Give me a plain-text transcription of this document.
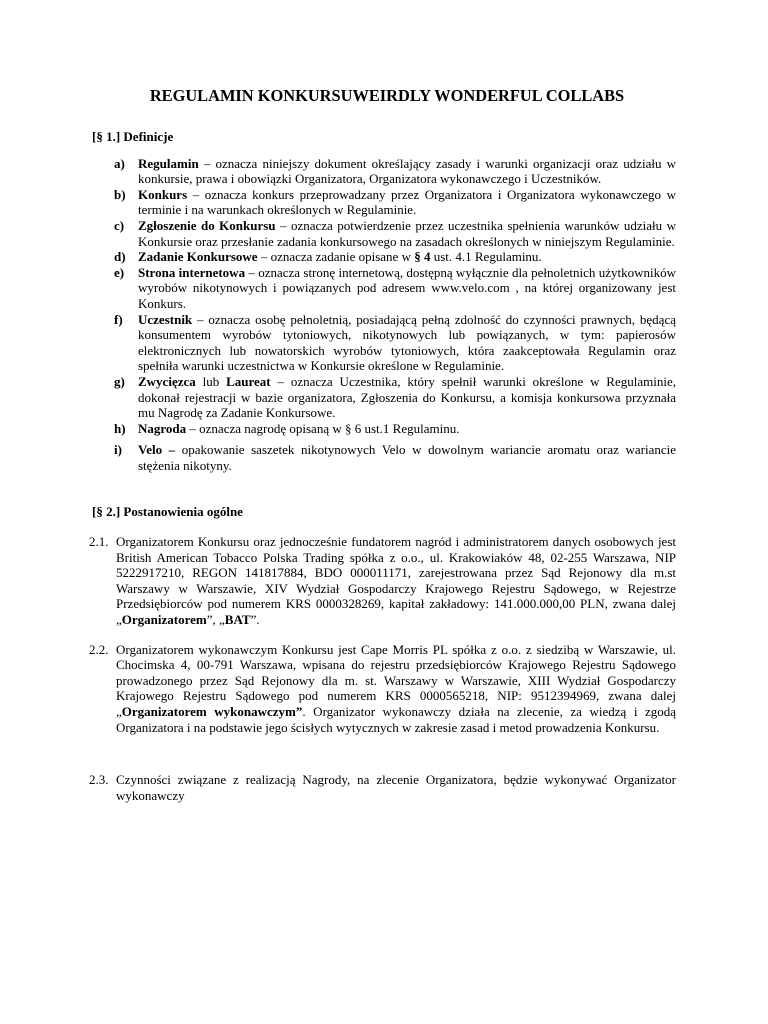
REGULAMIN KONKURSUWEIRDLY WONDERFUL COLLABS

[§ 1.] Definicje

a) Regulamin – oznacza niniejszy dokument określający zasady i warunki organizacji oraz udziału w konkursie, prawa i obowiązki Organizatora, Organizatora wykonawczego i Uczestników.
b) Konkurs – oznacza konkurs przeprowadzany przez Organizatora i Organizatora wykonawczego w terminie i na warunkach określonych w Regulaminie.
c) Zgłoszenie do Konkursu – oznacza potwierdzenie przez uczestnika spełnienia warunków udziału w Konkursie oraz przesłanie zadania konkursowego na zasadach określonych w niniejszym Regulaminie.
d) Zadanie Konkursowe – oznacza zadanie opisane w § 4 ust. 4.1 Regulaminu.
e) Strona internetowa – oznacza stronę internetową, dostępną wyłącznie dla pełnoletnich użytkowników wyrobów nikotynowych i powiązanych pod adresem www.velo.com , na której organizowany jest Konkurs.
f) Uczestnik – oznacza osobę pełnoletnią, posiadającą pełną zdolność do czynności prawnych, będącą konsumentem wyrobów tytoniowych, nikotynowych lub powiązanych, w tym: papierosów elektronicznych lub nowatorskich wyrobów tytoniowych, która zaakceptowała Regulamin oraz spełniła warunki uczestnictwa w Konkursie określone w Regulaminie.
g) Zwycięzca lub Laureat – oznacza Uczestnika, który spełnił warunki określone w Regulaminie, dokonał rejestracji w bazie organizatora, Zgłoszenia do Konkursu, a komisja konkursowa przyznała mu Nagrodę za Zadanie Konkursowe.
h) Nagroda – oznacza nagrodę opisaną w § 6 ust.1 Regulaminu.
i) Velo – opakowanie saszetek nikotynowych Velo w dowolnym wariancie aromatu oraz wariancie stężenia nikotyny.

[§ 2.] Postanowienia ogólne

2.1. Organizatorem Konkursu oraz jednocześnie fundatorem nagród i administratorem danych osobowych jest British American Tobacco Polska Trading spółka z o.o., ul. Krakowiaków 48, 02-255 Warszawa, NIP 5222917210, REGON 141817884, BDO 000011171, zarejestrowana przez Sąd Rejonowy dla m.st Warszawy w Warszawie, XIV Wydział Gospodarczy Krajowego Rejestru Sądowego, w Rejestrze Przedsiębiorców pod numerem KRS 0000328269, kapitał zakładowy: 141.000.000,00 PLN, zwana dalej „Organizatorem”, „BAT”.
2.2. Organizatorem wykonawczym Konkursu jest Cape Morris PL spółka z o.o. z siedzibą w Warszawie, ul. Chocimska 4, 00-791 Warszawa, wpisana do rejestru przedsiębiorców Krajowego Rejestru Sądowego prowadzonego przez Sąd Rejonowy dla m. st. Warszawy w Warszawie, XIII Wydział Gospodarczy Krajowego Rejestru Sądowego pod numerem KRS 0000565218, NIP: 9512394969, zwana dalej „Organizatorem wykonawczym”. Organizator wykonawczy działa na zlecenie, za wiedzą i zgodą Organizatora i na podstawie jego ścisłych wytycznych w zakresie zasad i metod prowadzenia Konkursu.
2.3. Czynności związane z realizacją Nagrody, na zlecenie Organizatora, będzie wykonywać Organizator wykonawczy
